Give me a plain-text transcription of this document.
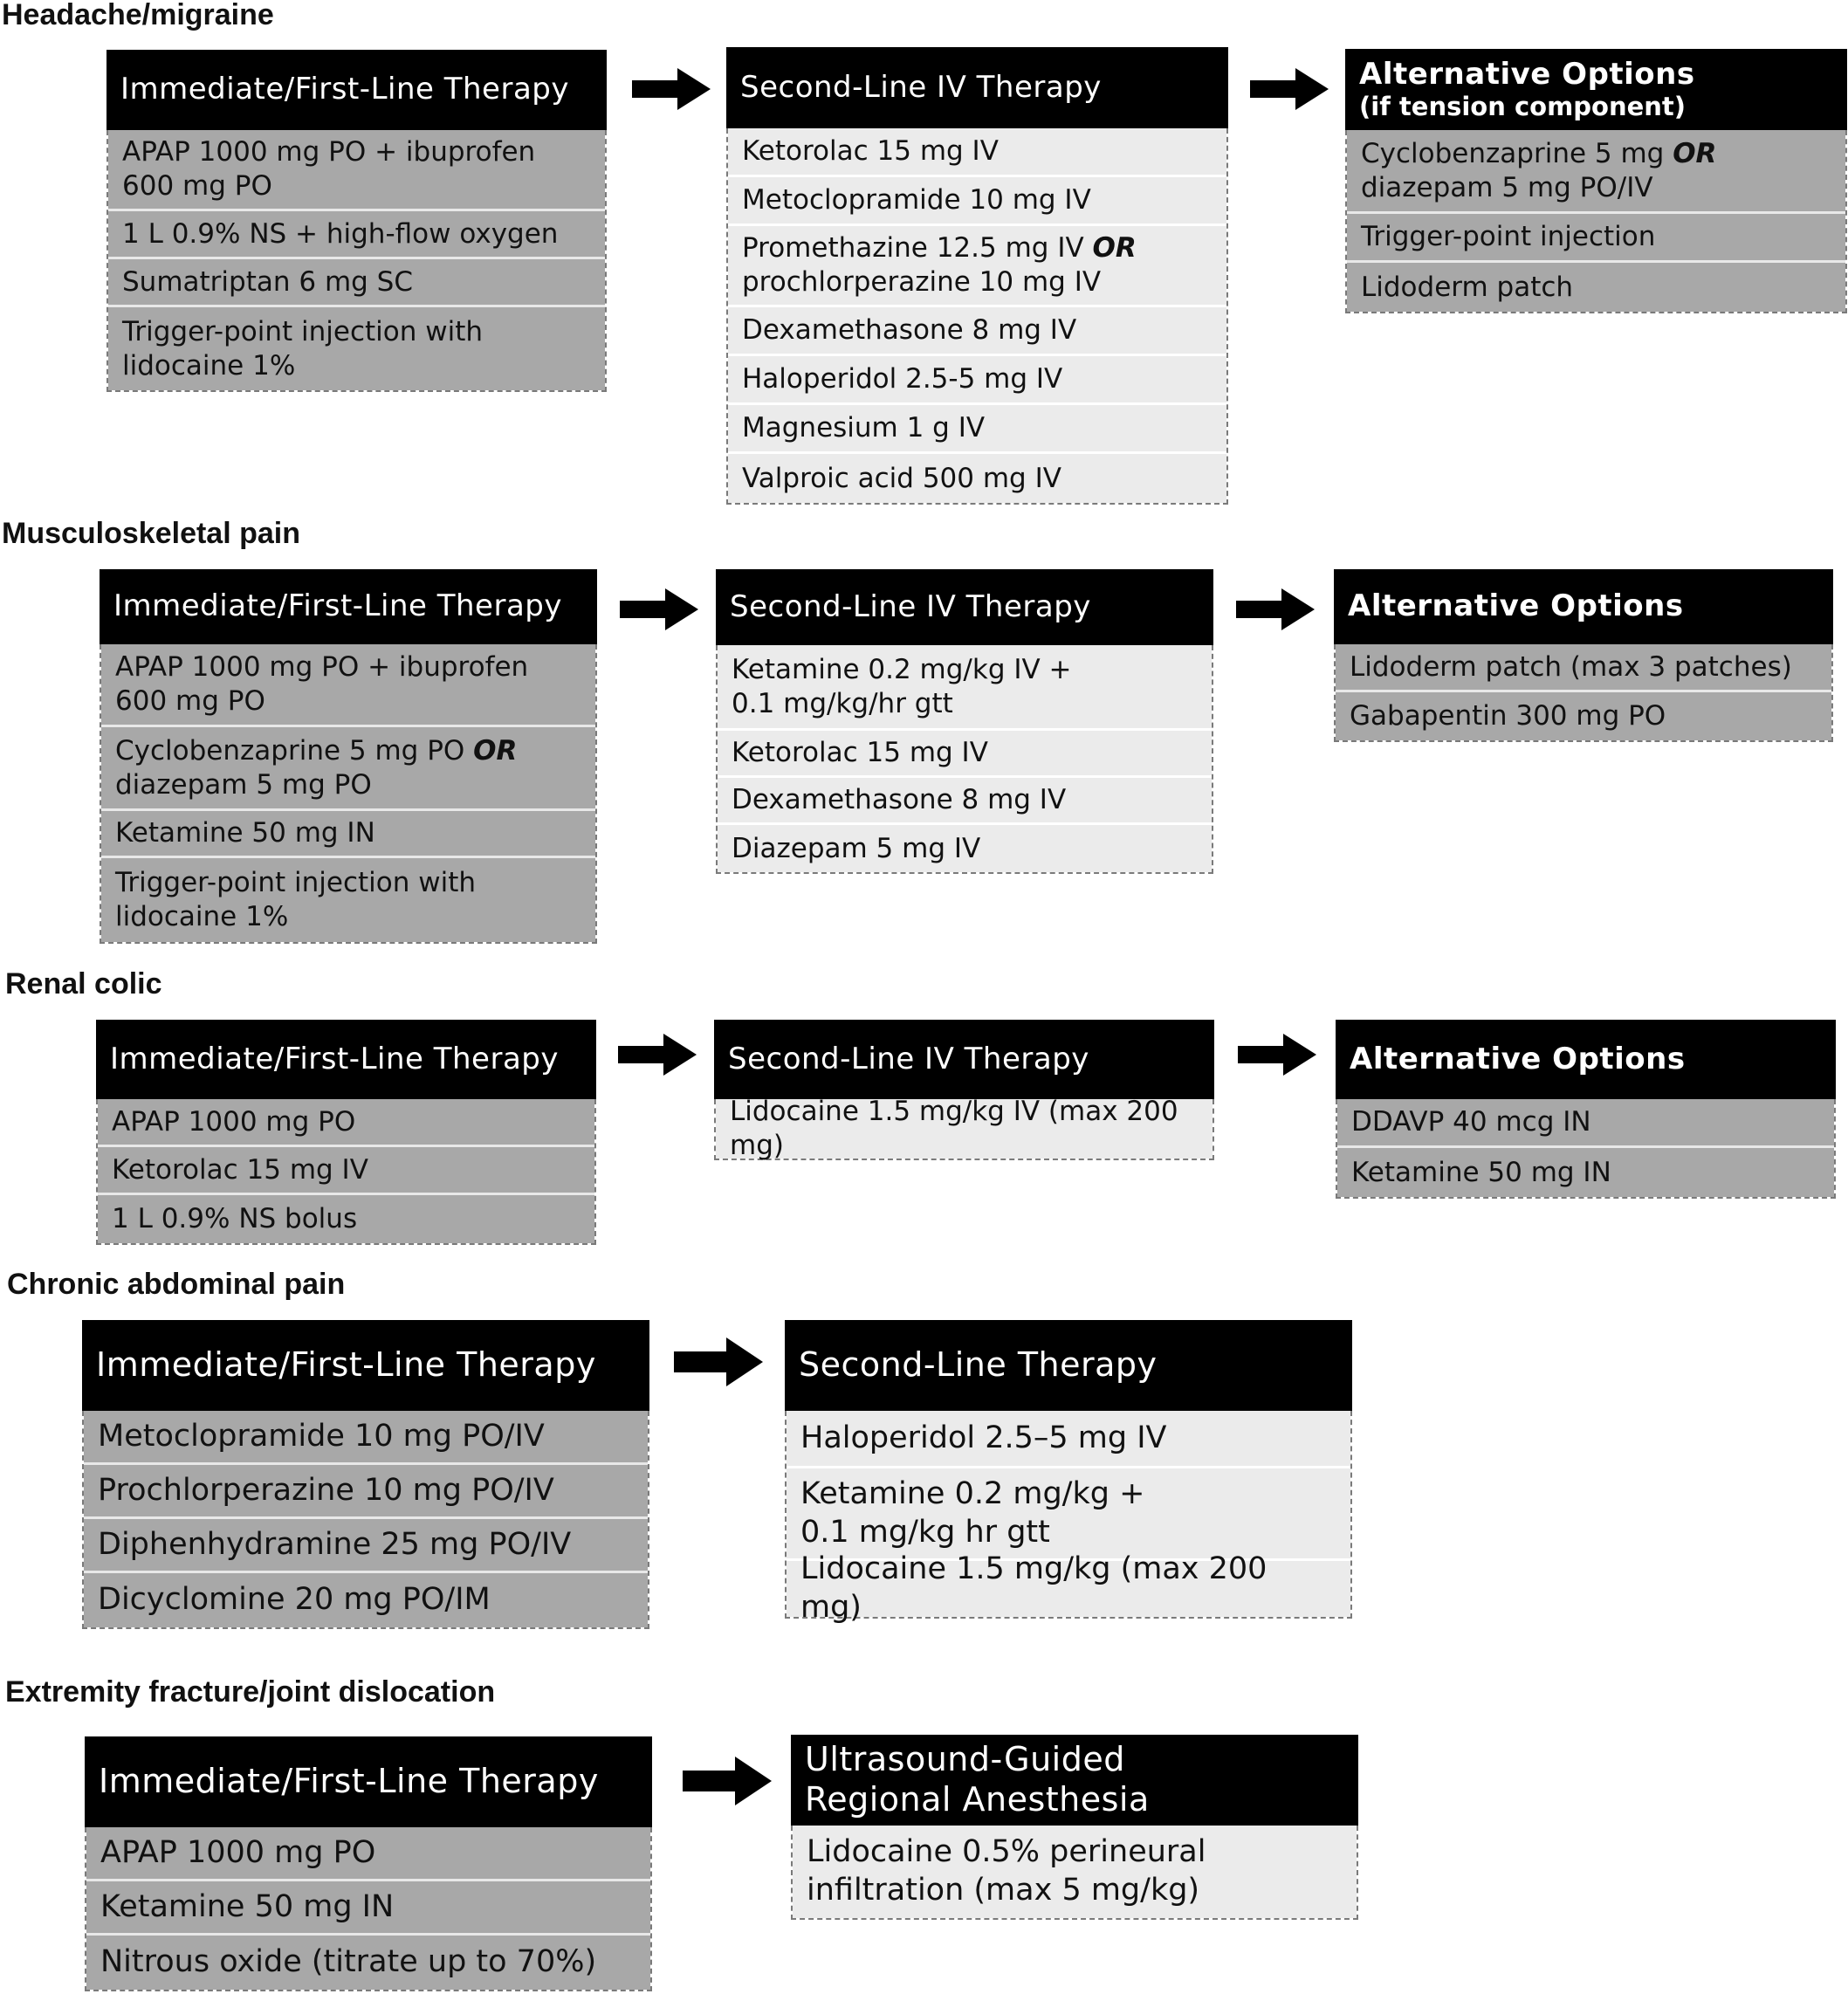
Headache/migraine
Musculoskeletal pain
Renal colic
Chronic abdominal pain
Extremity fracture/joint dislocation
Immediate/First-Line Therapy
APAP 1000 mg PO + ibuprofen
600 mg PO
1 L 0.9% NS + high-flow oxygen
Sumatriptan 6 mg SC
Trigger-point injection with
lidocaine 1%
Second-Line IV Therapy
Ketorolac 15 mg IV
Metoclopramide 10 mg IV
Promethazine 12.5 mg IV OR
prochlorperazine 10 mg IV
Dexamethasone 8 mg IV
Haloperidol 2.5-5 mg IV
Magnesium 1 g IV
Valproic acid 500 mg IV
Alternative Options
(if tension component)
Cyclobenzaprine 5 mg OR
diazepam 5 mg PO/IV
Trigger-point injection
Lidoderm patch
Immediate/First-Line Therapy
APAP 1000 mg PO + ibuprofen
600 mg PO
Cyclobenzaprine 5 mg PO OR
diazepam 5 mg PO
Ketamine 50 mg IN
Trigger-point injection with
lidocaine 1%
Second-Line IV Therapy
Ketamine 0.2 mg/kg IV +
0.1 mg/kg/hr gtt
Ketorolac 15 mg IV
Dexamethasone 8 mg IV
Diazepam 5 mg IV
Alternative Options
Lidoderm patch (max 3 patches)
Gabapentin 300 mg PO
Immediate/First-Line Therapy
APAP 1000 mg PO
Ketorolac 15 mg IV
1 L 0.9% NS bolus
Second-Line IV Therapy
Lidocaine 1.5 mg/kg IV (max 200 mg)
Alternative Options
DDAVP 40 mcg IN
Ketamine 50 mg IN
Immediate/First-Line Therapy
Metoclopramide 10 mg PO/IV
Prochlorperazine 10 mg PO/IV
Diphenhydramine 25 mg PO/IV
Dicyclomine 20 mg PO/IM
Second-Line Therapy
Haloperidol 2.5–5 mg IV
Ketamine 0.2 mg/kg +
0.1 mg/kg hr gtt
Lidocaine 1.5 mg/kg (max 200 mg)
Immediate/First-Line Therapy
APAP 1000 mg PO
Ketamine 50 mg IN
Nitrous oxide (titrate up to 70%)
Ultrasound-Guided
Regional Anesthesia
Lidocaine 0.5% perineural
infiltration (max 5 mg/kg)
